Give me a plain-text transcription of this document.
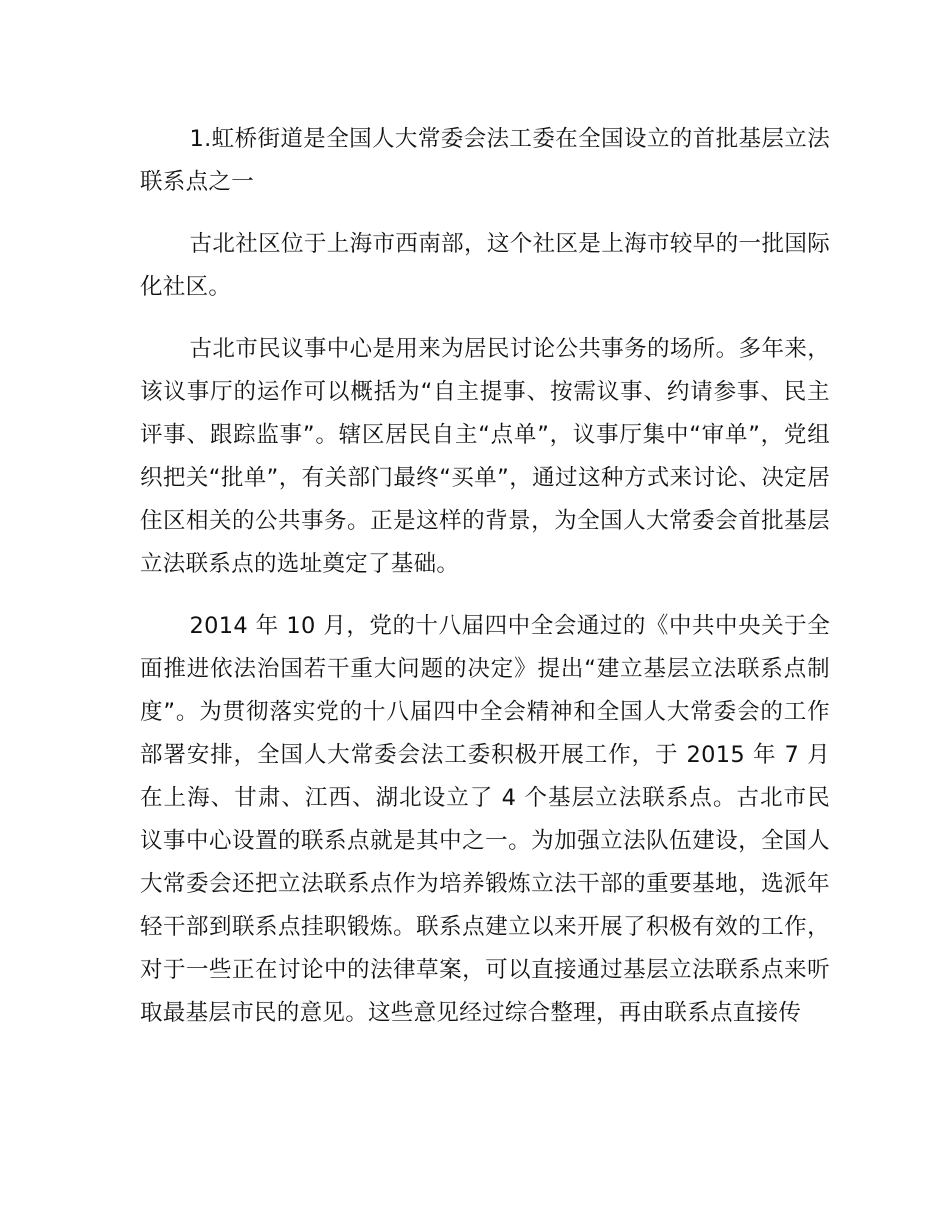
1.虹桥街道是全国人大常委会法工委在全国设立的首批基层立法联系点之一

古北社区位于上海市西南部，这个社区是上海市较早的一批国际化社区。

古北市民议事中心是用来为居民讨论公共事务的场所。多年来，该议事厅的运作可以概括为“自主提事、按需议事、约请参事、民主评事、跟踪监事”。辖区居民自主“点单”，议事厅集中“审单”，党组织把关“批单”，有关部门最终“买单”，通过这种方式来讨论、决定居住区相关的公共事务。正是这样的背景，为全国人大常委会首批基层立法联系点的选址奠定了基础。

2014 年 10 月，党的十八届四中全会通过的《中共中央关于全面推进依法治国若干重大问题的决定》提出“建立基层立法联系点制度”。为贯彻落实党的十八届四中全会精神和全国人大常委会的工作部署安排，全国人大常委会法工委积极开展工作，于 2015 年 7 月在上海、甘肃、江西、湖北设立了 4 个基层立法联系点。古北市民议事中心设置的联系点就是其中之一。为加强立法队伍建设，全国人大常委会还把立法联系点作为培养锻炼立法干部的重要基地，选派年轻干部到联系点挂职锻炼。联系点建立以来开展了积极有效的工作，对于一些正在讨论中的法律草案，可以直接通过基层立法联系点来听取最基层市民的意见。这些意见经过综合整理，再由联系点直接传
